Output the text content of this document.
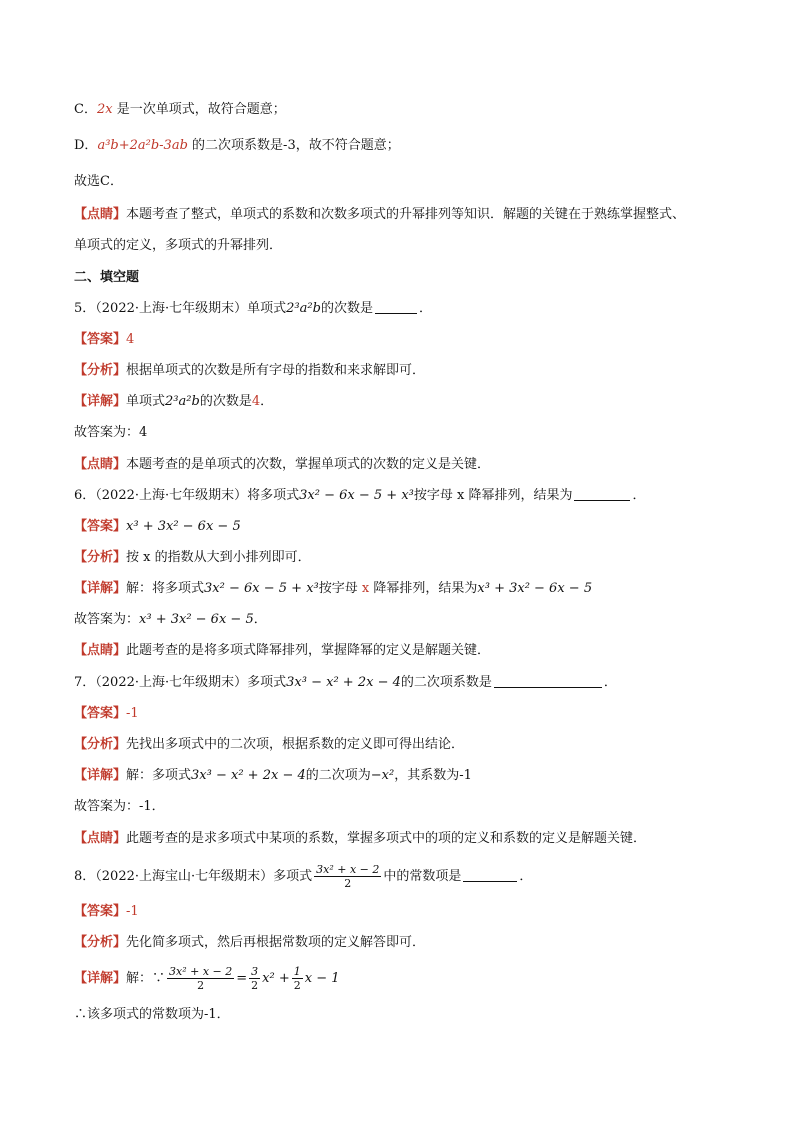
C．2x 是一次单项式，故符合题意；
D．a³b+2a²b-3ab 的二次项系数是-3，故不符合题意；
故选C．
【点睛】本题考查了整式，单项式的系数和次数多项式的升幂排列等知识．解题的关键在于熟练掌握整式、
单项式的定义，多项式的升幂排列．
二、填空题
5．（2022·上海·七年级期末）单项式2³a²b的次数是	．
【答案】4
【分析】根据单项式的次数是所有字母的指数和来求解即可．
【详解】单项式2³a²b的次数是4．
故答案为：4
【点睛】本题考查的是单项式的次数，掌握单项式的次数的定义是关键．
6．（2022·上海·七年级期末）将多项式3x² − 6x − 5 + x³按字母 x 降幂排列，结果为	．
【答案】x³ + 3x² − 6x − 5
【分析】按 x 的指数从大到小排列即可．
【详解】解：将多项式3x² − 6x − 5 + x³按字母 x 降幂排列，结果为x³ + 3x² − 6x − 5
故答案为：x³ + 3x² − 6x − 5．
【点睛】此题考查的是将多项式降幂排列，掌握降幂的定义是解题关键．
7．（2022·上海·七年级期末）多项式3x³ − x² + 2x − 4的二次项系数是	．
【答案】-1
【分析】先找出多项式中的二次项，根据系数的定义即可得出结论．
【详解】解：多项式3x³ − x² + 2x − 4的二次项为−x²，其系数为-1
故答案为：-1．
【点睛】此题考查的是求多项式中某项的系数，掌握多项式中的项的定义和系数的定义是解题关键．
8．（2022·上海宝山·七年级期末）多项式 $\frac{\text{3x² + x − 2}}{2}$ 中的常数项是	．
【答案】-1
【分析】先化简多项式，然后再根据常数项的定义解答即可．
【详解】解：∵ $\frac{\text{3x² + x − 2}}{2} = \frac{3}{2} x^2 + \frac{1}{2}$ x − 1
∴该多项式的常数项为-1．
